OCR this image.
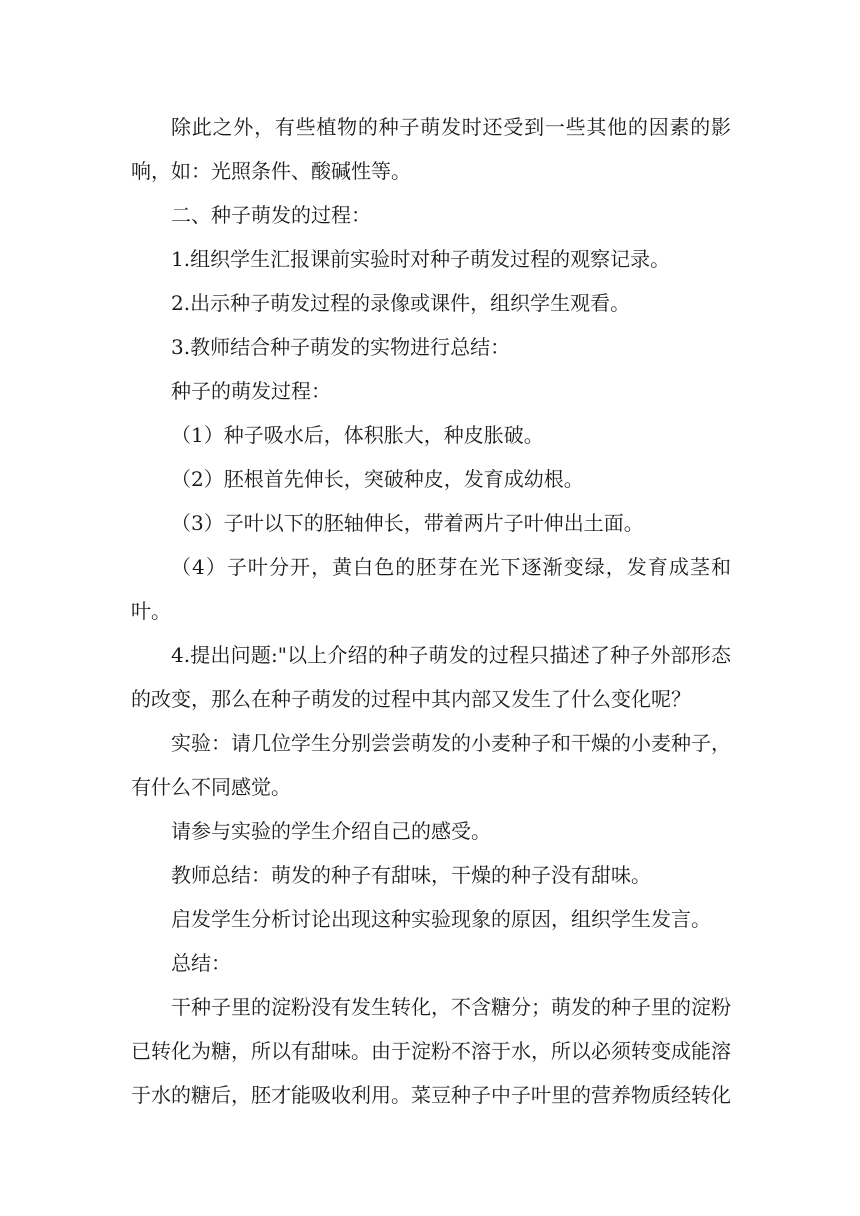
除此之外，有些植物的种子萌发时还受到一些其他的因素的影响，如：光照条件、酸碱性等。

二、种子萌发的过程：

1.组织学生汇报课前实验时对种子萌发过程的观察记录。

2.出示种子萌发过程的录像或课件，组织学生观看。

3.教师结合种子萌发的实物进行总结：

种子的萌发过程：

（1）种子吸水后，体积胀大，种皮胀破。

（2）胚根首先伸长，突破种皮，发育成幼根。

（3）子叶以下的胚轴伸长，带着两片子叶伸出土面。

（4）子叶分开，黄白色的胚芽在光下逐渐变绿，发育成茎和叶。

4.提出问题:"以上介绍的种子萌发的过程只描述了种子外部形态的改变，那么在种子萌发的过程中其内部又发生了什么变化呢？

实验：请几位学生分别尝尝萌发的小麦种子和干燥的小麦种子，有什么不同感觉。

请参与实验的学生介绍自己的感受。

教师总结：萌发的种子有甜味，干燥的种子没有甜味。

启发学生分析讨论出现这种实验现象的原因，组织学生发言。

总结：

干种子里的淀粉没有发生转化，不含糖分；萌发的种子里的淀粉已转化为糖，所以有甜味。由于淀粉不溶于水，所以必须转变成能溶于水的糖后，胚才能吸收利用。菜豆种子中子叶里的营养物质经转化
